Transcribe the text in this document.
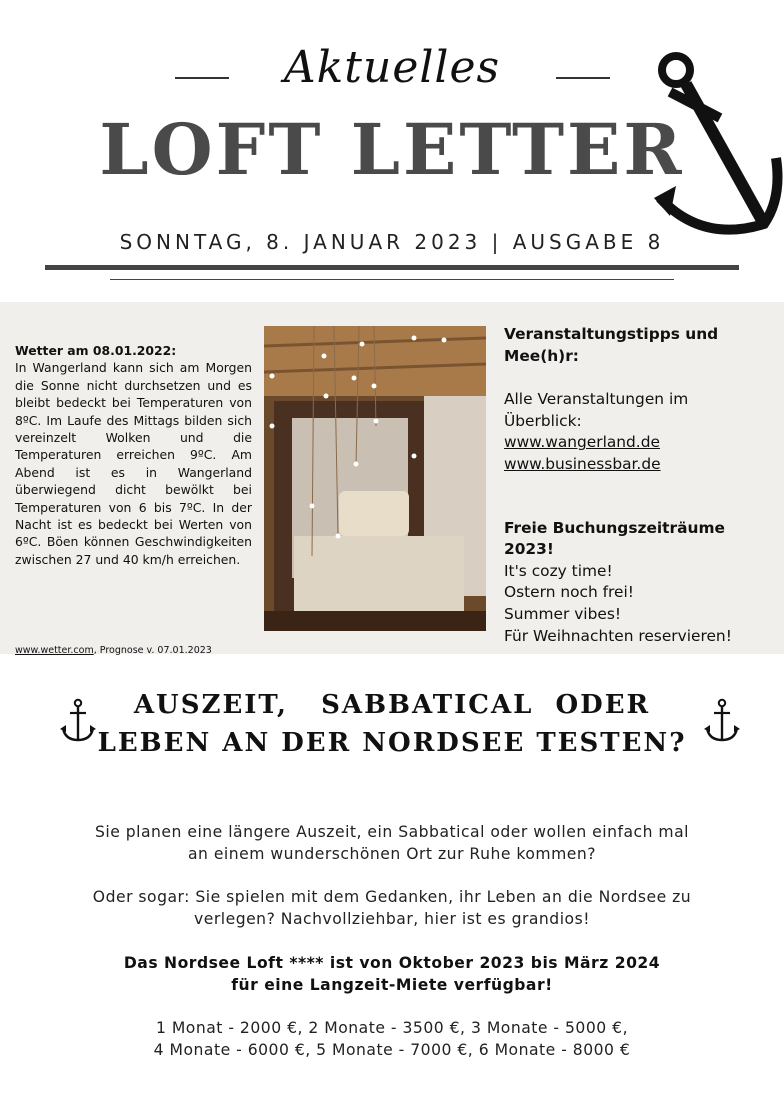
Aktuelles
LOFT LETTER
SONNTAG, 8. JANUAR 2023 | AUSGABE 8
Wetter am 08.01.2022:

In Wangerland kann sich am Morgen die Sonne nicht durchsetzen und es bleibt bedeckt bei Temperaturen von 8ºC. Im Laufe des Mittags bilden sich vereinzelt Wolken und die Temperaturen erreichen 9ºC. Am Abend ist es in Wangerland überwiegend dicht bewölkt bei Temperaturen von 6 bis 7ºC. In der Nacht ist es bedeckt bei Werten von 6ºC. Böen können Geschwindigkeiten zwischen 27 und 40 km/h erreichen.

www.wetter.com, Prognose v. 07.01.2023
Veranstaltungstipps und
Mee(h)r:
Alle Veranstaltungen im
Überblick:
www.wangerland.de
www.businessbar.de
Freie Buchungszeiträume 2023!
It's cozy time!
Ostern noch frei!
Summer vibes!
Für Weihnachten reservieren!
AUSZEIT,   SABBATICAL  ODER
LEBEN AN DER NORDSEE TESTEN?
Sie planen eine längere Auszeit, ein Sabbatical oder wollen einfach mal
an einem wunderschönen Ort zur Ruhe kommen?
Oder sogar: Sie spielen mit dem Gedanken, ihr Leben an die Nordsee zu
verlegen? Nachvollziehbar, hier ist es grandios!
Das Nordsee Loft **** ist von Oktober 2023 bis März 2024
für eine Langzeit-Miete verfügbar!
1 Monat - 2000 €, 2 Monate - 3500 €, 3 Monate - 5000 €,
4 Monate - 6000 €, 5 Monate - 7000 €, 6 Monate - 8000 €
